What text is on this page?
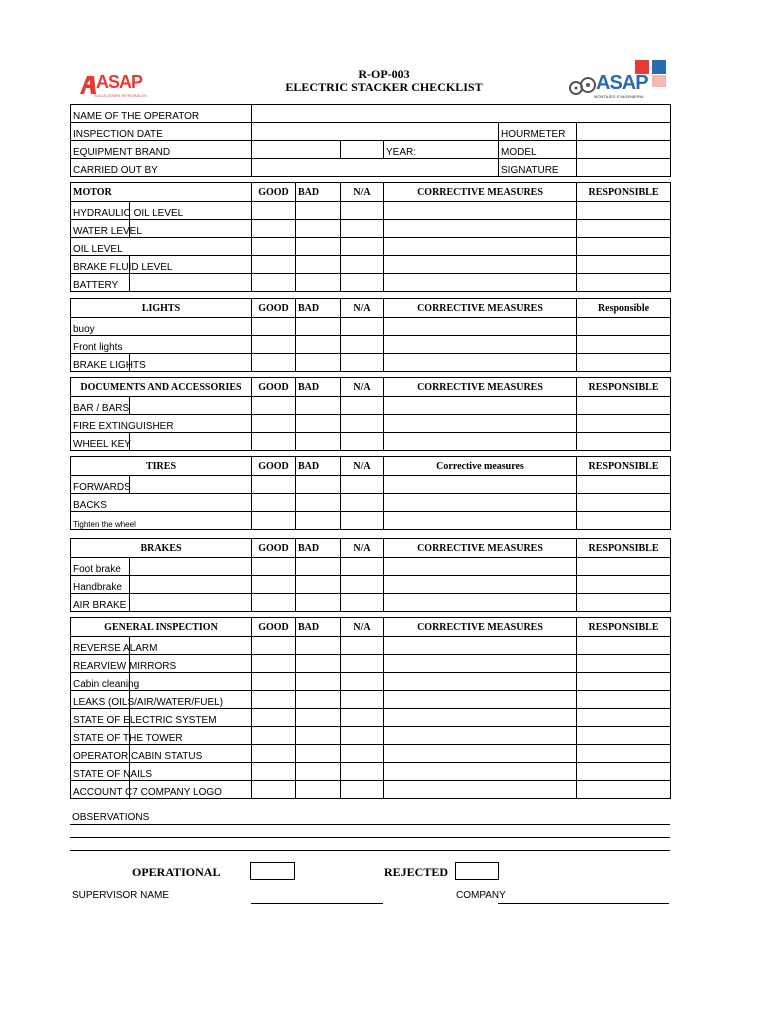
ASAP
SOLUCIONES INTEGRALES
R-OP-003
ELECTRIC STACKER CHECKLIST	ASAP
MONTAJES E INGENIERIA
NAME OF THE OPERATOR					
INSPECTION DATE				HOURMETER	
EQUIPMENT BRAND			YEAR:	MODEL	
CARRIED OUT BY				SIGNATURE	
MOTOR	GOOD	BAD	N/A	CORRECTIVE MEASURES	RESPONSIBLE
HYDRAULIC OIL LEVEL

WATER LEVEL

OIL LEVEL					
BRAKE FLUID LEVEL

BATTERY

LIGHTS	GOOD	BAD	N/A	CORRECTIVE MEASURES	Responsible
buoy					
Front lights					
BRAKE LIGHTS

DOCUMENTS AND ACCESSORIES	GOOD	BAD	N/A	CORRECTIVE MEASURES	RESPONSIBLE
BAR / BARS

FIRE EXTINGUISHER					
WHEEL KEY

TIRES	GOOD	BAD	N/A	Corrective measures	RESPONSIBLE
FORWARDS

BACKS					
Tighten the wheel					
BRAKES	GOOD	BAD	N/A	CORRECTIVE MEASURES	RESPONSIBLE
Foot brake

Handbrake

AIR BRAKE

GENERAL INSPECTION	GOOD	BAD	N/A	CORRECTIVE MEASURES	RESPONSIBLE
REVERSE ALARM

REARVIEW MIRRORS

Cabin cleaning

LEAKS (OILS/AIR/WATER/FUEL)

STATE OF ELECTRIC SYSTEM

STATE OF THE TOWER

OPERATOR CABIN STATUS

STATE OF NAILS

ACCOUNT C7 COMPANY LOGO

OBSERVATIONS
OPERATIONAL	REJECTED
SUPERVISOR NAME	COMPANY
